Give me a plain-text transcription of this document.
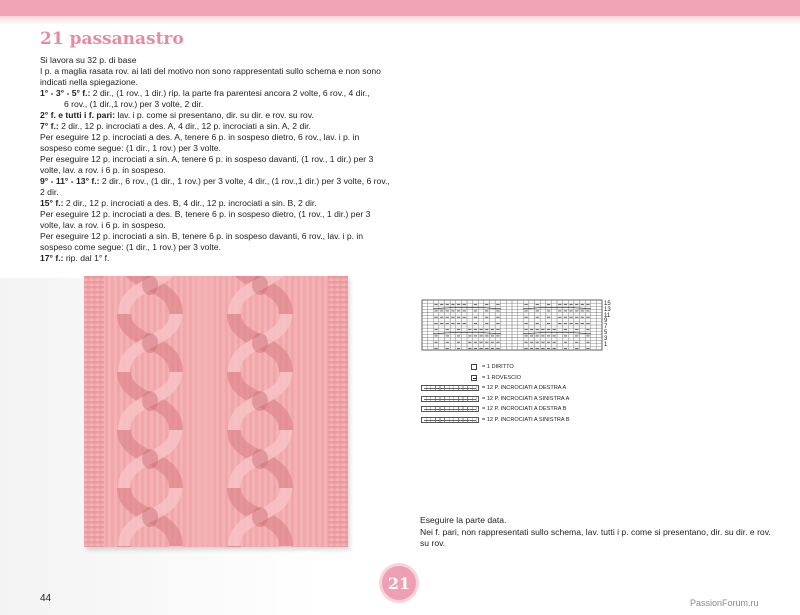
21 passanastro

Si lavora su 32 p. di base

I p. a maglia rasata rov. ai lati del motivo non sono rappresentati sullo schema e non sono indicati nella spiegazione.

1° - 3° - 5° f.: 2 dir., (1 rov., 1 dir.) rip. la parte fra parentesi ancora 2 volte, 6 rov., 4 dir.,

6 rov., (1 dir.,1 rov.) per 3 volte, 2 dir.

2° f. e tutti i f. pari: lav. i p. come si presentano, dir. su dir. e rov. su rov.

7° f.: 2 dir., 12 p. incrociati a des. A, 4 dir., 12 p. incrociati a sin. A, 2 dir.

Per eseguire 12 p. incrociati a des. A, tenere 6 p. in sospeso dietro, 6 rov., lav. i p. in sospeso come segue: (1 dir., 1 rov.) per 3 volte.

Per eseguire 12 p. incrociati a sin. A, tenere 6 p. in sospeso davanti, (1 rov., 1 dir.) per 3 volte, lav. a rov. i 6 p. in sospeso.

9° - 11° - 13° f.: 2 dir., 6 rov., (1 dir., 1 rov.) per 3 volte, 4 dir., (1 rov.,1 dir.) per 3 volte, 6 rov., 2 dir.

15° f.: 2 dir., 12 p. incrociati a des. B, 4 dir., 12 p. incrociati a sin. B, 2 dir.

Per eseguire 12 p. incrociati a des. B, tenere 6 p. in sospeso dietro, (1 rov., 1 dir.) per 3 volte, lav. a rov. i 6 p. in sospeso.

Per eseguire 12 p. incrociati a sin. B, tenere 6 p. in sospeso davanti, 6 rov., lav. i p. in sospeso come segue: (1 dir., 1 rov.) per 3 volte.

17° f.: rip. dal 1° f.

15
13
11
9
7
5
3
1
= 1 DIRITTO
= 1 ROVESCIO
= 12 P. INCROCIATI A DESTRA A
= 12 P. INCROCIATI A SINISTRA A
= 12 P. INCROCIATI A DESTRA B
= 12 P. INCROCIATI A SINISTRA B

Eseguire la parte data.

Nei f. pari, non rappresentati sullo schema, lav. tutti i p. come si presentano, dir. su dir. e rov. su rov.

44
21
PassionForum.ru
